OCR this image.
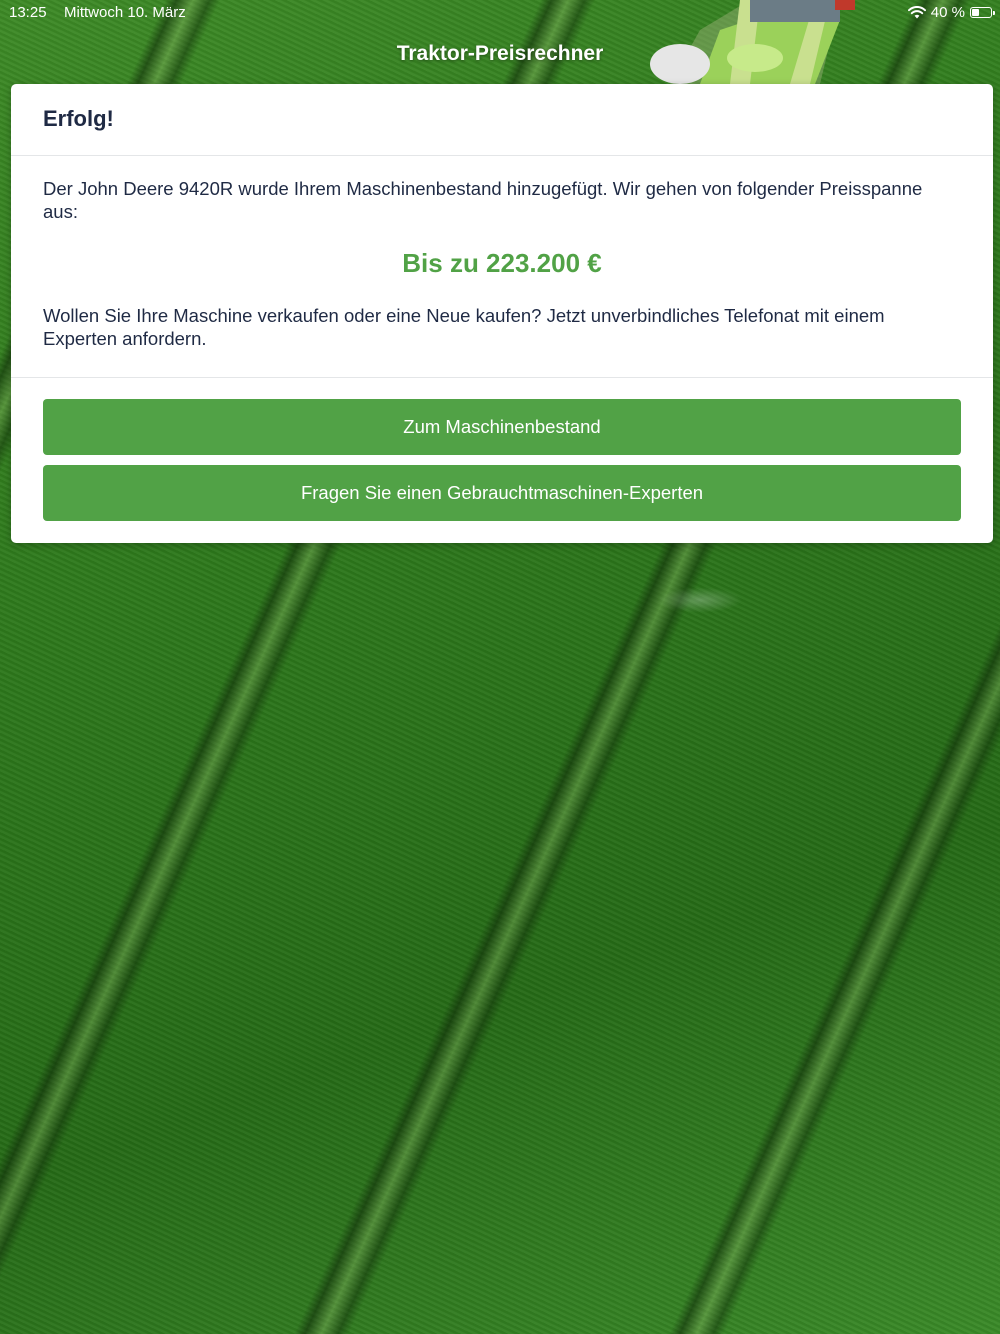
13:25 Mittwoch 10. März	40 %
Traktor-Preisrechner
Erfolg!

Der John Deere 9420R wurde Ihrem Maschinenbestand hinzugefügt. Wir gehen von folgender Preisspanne aus:

Bis zu 223.200 €

Wollen Sie Ihre Maschine verkaufen oder eine Neue kaufen? Jetzt unverbindliches Telefonat mit einem Experten anfordern.

Zum Maschinenbestand
Fragen Sie einen Gebrauchtmaschinen-Experten
